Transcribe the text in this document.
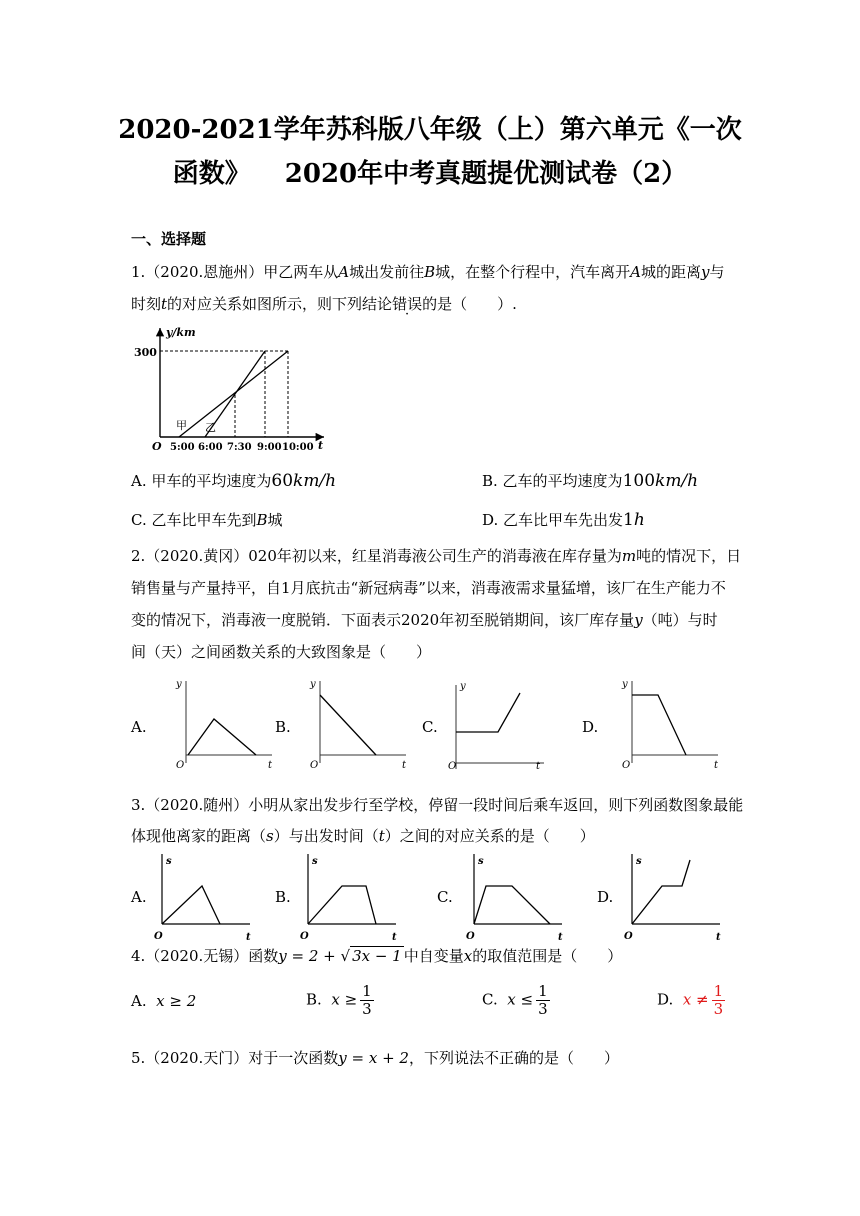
2020-2021学年苏科版八年级（上）第六单元《一次
函数》 2020年中考真题提优测试卷（2）
一、选择题
1.（2020.恩施州）甲乙两车从A城出发前往B城，在整个行程中，汽车离开A城的距离y与
时刻t的对应关系如图所示，则下列结论错误的是（　　）.
y/km
300
O	t
甲 乙
5:00 6:00 7:30 9:00 10:00
A. 甲车的平均速度为60km/h	B. 乙车的平均速度为100km/h
C. 乙车比甲车先到B城	D. 乙车比甲车先出发1h
2.（2020.黄冈）020年初以来，红星消毒液公司生产的消毒液在库存量为m吨的情况下，日
销售量与产量持平，自1月底抗击“新冠病毒”以来，消毒液需求量猛增，该厂在生产能力不
变的情况下，消毒液一度脱销．下面表示2020年初至脱销期间，该厂库存量y（吨）与时
间（天）之间函数关系的大致图象是（　　）
A.	B.	C.	D.
y
O	t
y
O	t
y
O	t
y
O	t
3.（2020.随州）小明从家出发步行至学校，停留一段时间后乘车返回，则下列函数图象最能
体现他离家的距离（s）与出发时间（t）之间的对应关系的是（　　）
A.	B.	C.	D.
s
O	t
s
O	t
s
O	t
s
O	t
4.（2020.无锡）函数y = 2 + √ 3x − 1 中自变量x的取值范围是（　　）
A. x ≥ 2	B. $x \ge \frac{1}{3}$	C. $x \le \frac{1}{3}$	D. $x \ne \frac{1}{3}$
5.（2020.天门）对于一次函数y = x + 2，下列说法不正确的是（　　）
